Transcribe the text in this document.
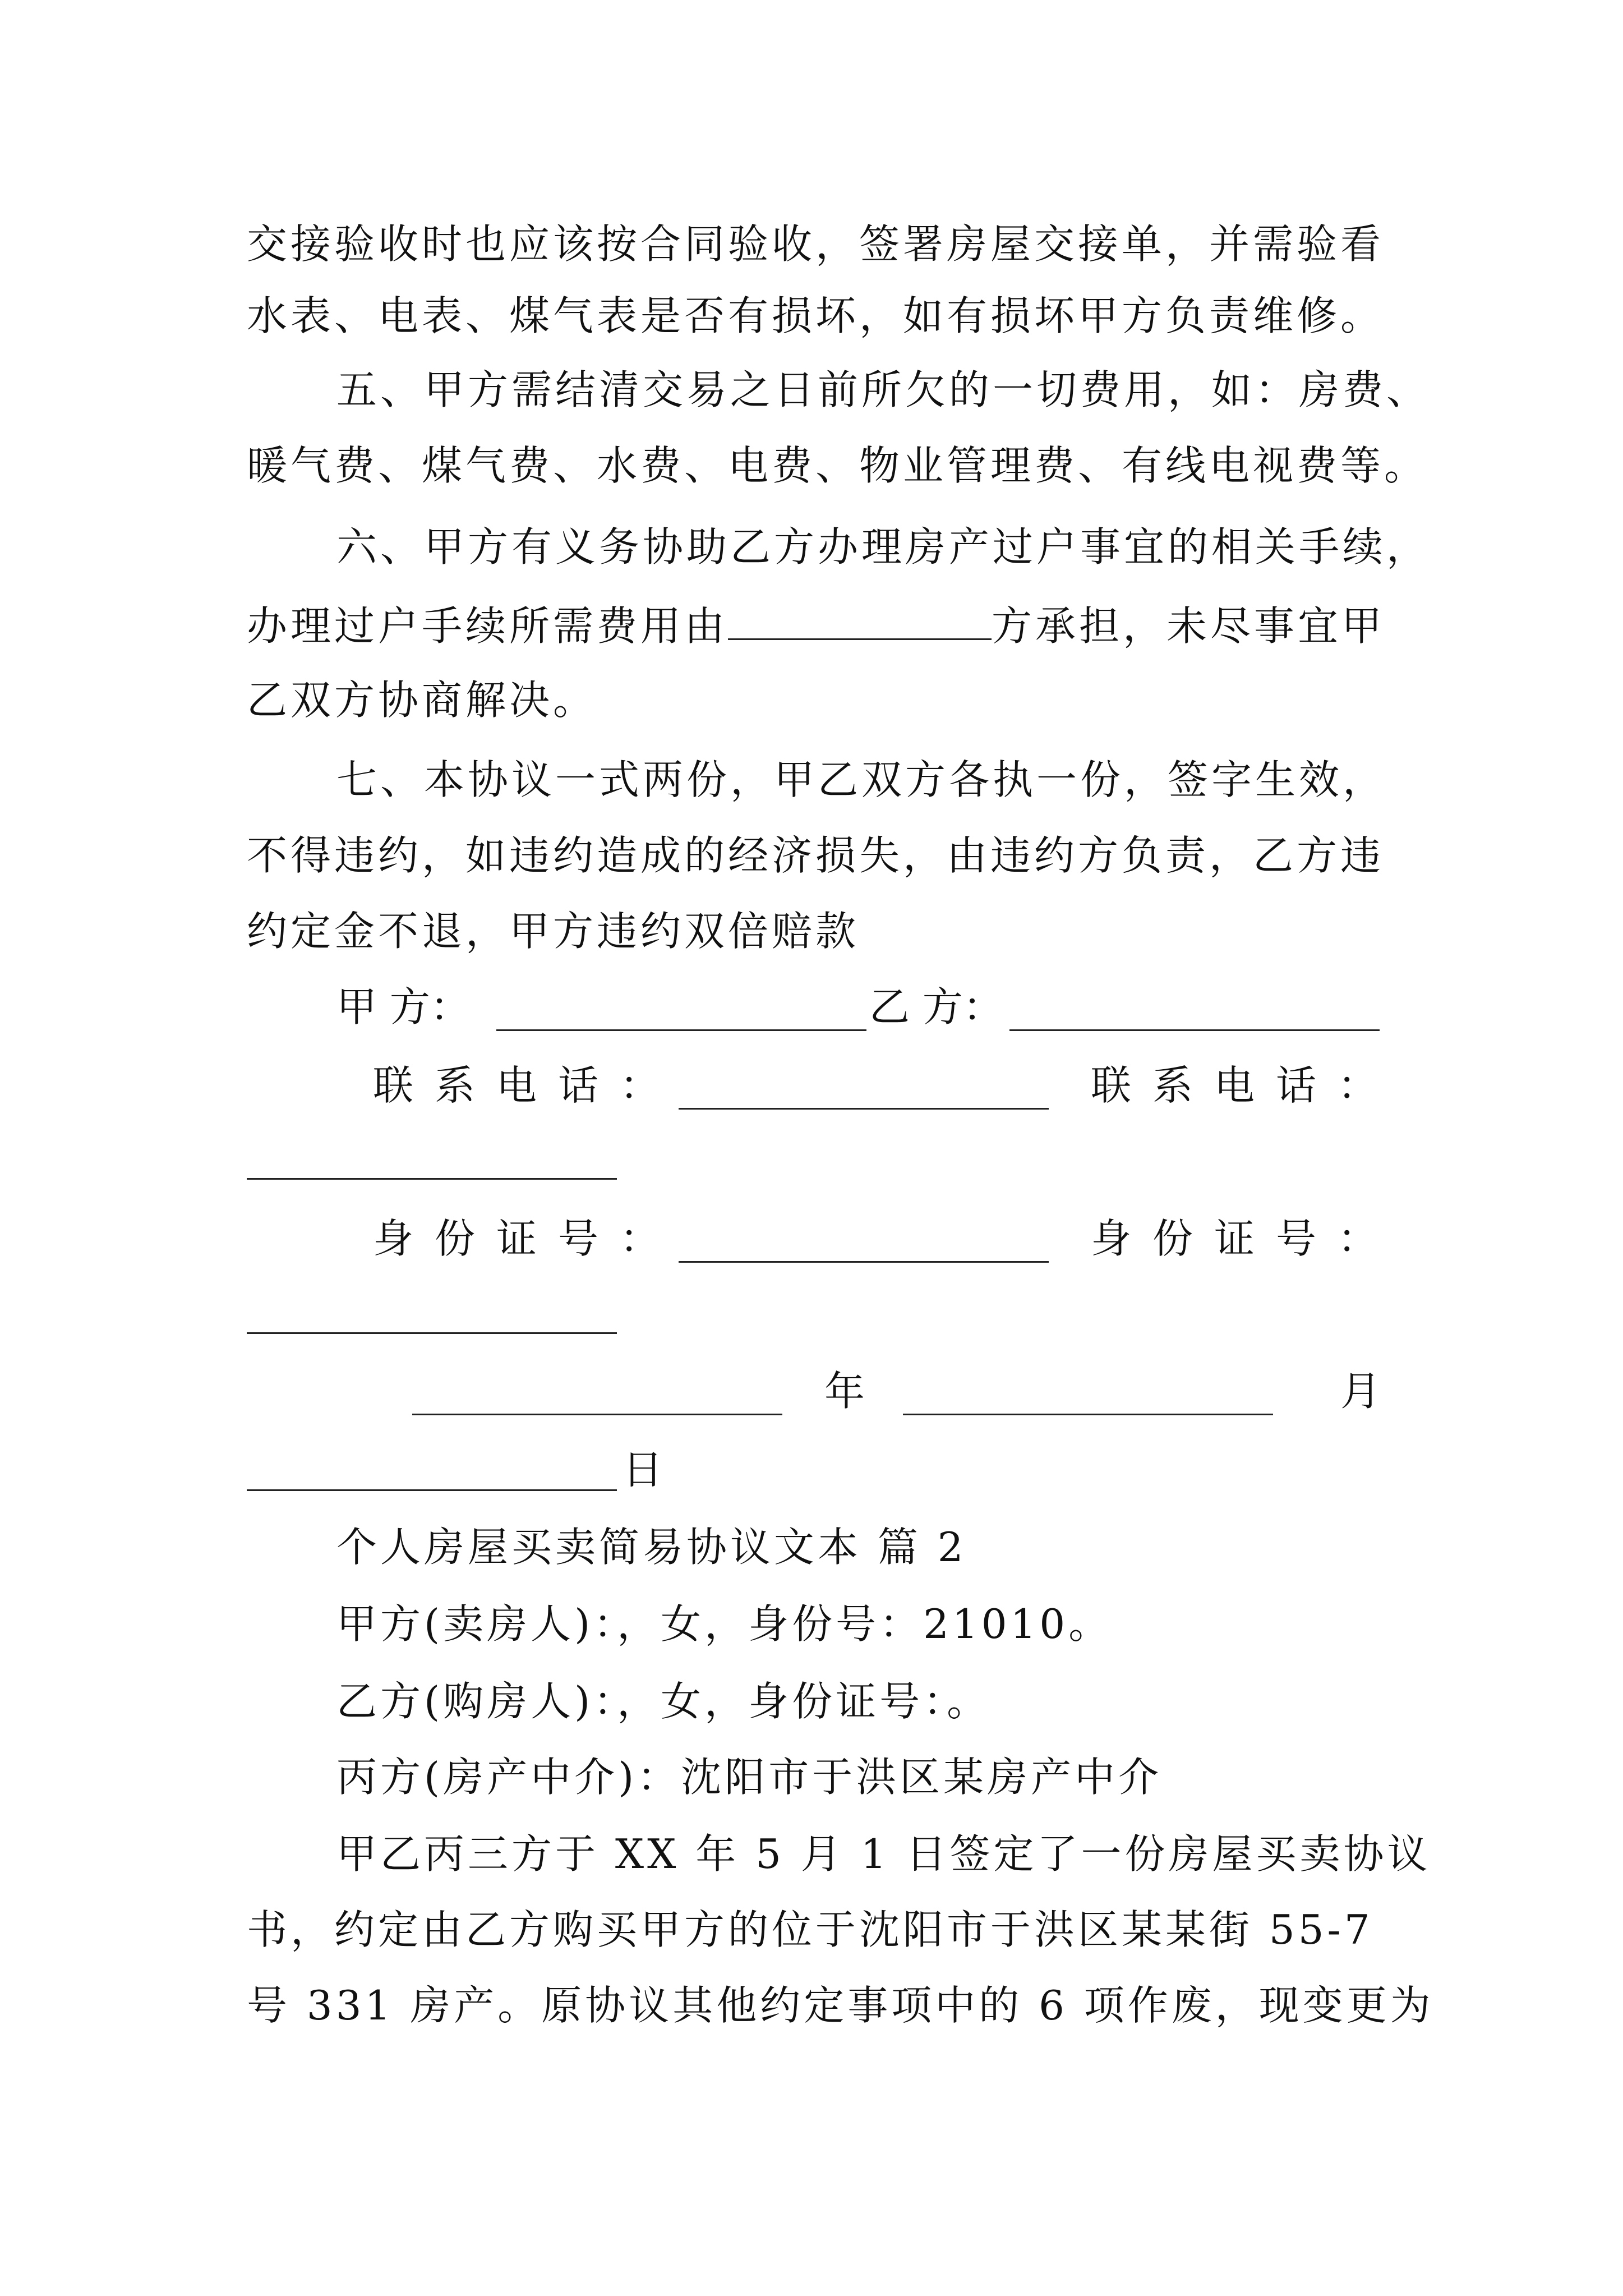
交接验收时也应该按合同验收，签署房屋交接单，并需验看
水表、电表、煤气表是否有损坏，如有损坏甲方负责维修。
五、甲方需结清交易之日前所欠的一切费用，如：房费、
暖气费、煤气费、水费、电费、物业管理费、有线电视费等。
六、甲方有义务协助乙方办理房产过户事宜的相关手续，
办理过户手续所需费用由	方承担，未尽事宜甲
乙双方协商解决。
七、本协议一式两份，甲乙双方各执一份，签字生效，
不得违约，如违约造成的经济损失，由违约方负责，乙方违
约定金不退，甲方违约双倍赔款
甲 方：	乙 方：
联系电话：	联系电话：
身份证号：	身份证号：
年	月
日
个人房屋买卖简易协议文本 篇 2
甲方(卖房人)：，女，身份号：21010。
乙方(购房人)：，女，身份证号：。
丙方(房产中介)：沈阳市于洪区某房产中介
甲乙丙三方于 XX 年 5 月 1 日签定了一份房屋买卖协议
书，约定由乙方购买甲方的位于沈阳市于洪区某某街 55-7
号 331 房产。原协议其他约定事项中的 6 项作废，现变更为
